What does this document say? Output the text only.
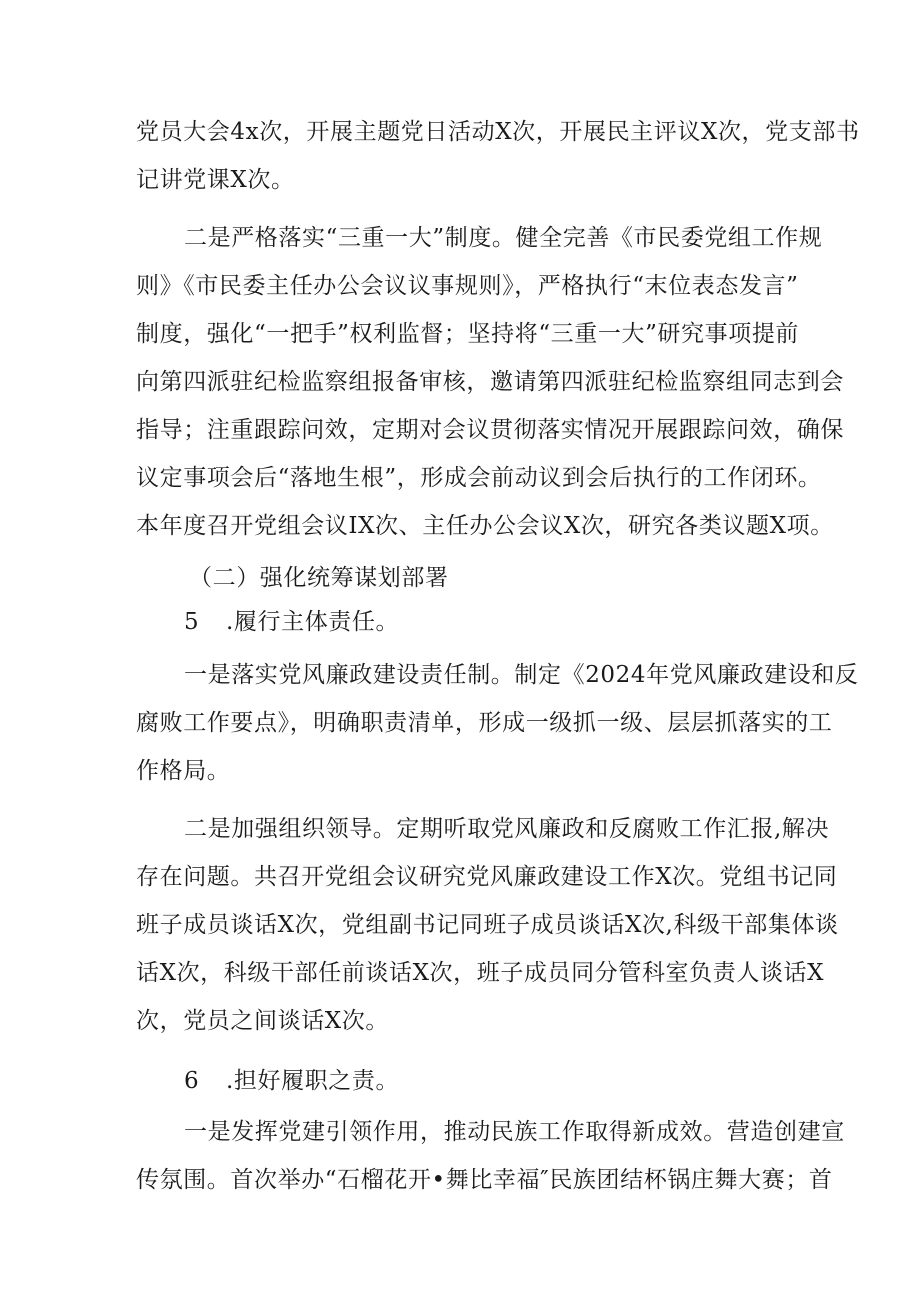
党员大会4x次，开展主题党日活动X次，开展民主评议X次，党支部书
记讲党课X次。
二是严格落实“三重一大”制度。健全完善《市民委党组工作规
则》《市民委主任办公会议议事规则》，严格执行“末位表态发言”
制度，强化“一把手”权利监督；坚持将“三重一大”研究事项提前
向第四派驻纪检监察组报备审核，邀请第四派驻纪检监察组同志到会
指导；注重跟踪问效，定期对会议贯彻落实情况开展跟踪问效，确保
议定事项会后“落地生根”，形成会前动议到会后执行的工作闭环。
本年度召开党组会议IX次、主任办公会议X次，研究各类议题X项。
（二）强化统筹谋划部署
5 .履行主体责任。
一是落实党风廉政建设责任制。制定《2024年党风廉政建设和反
腐败工作要点》，明确职责清单，形成一级抓一级、层层抓落实的工
作格局。
二是加强组织领导。定期听取党风廉政和反腐败工作汇报,解决
存在问题。共召开党组会议研究党风廉政建设工作X次。党组书记同
班子成员谈话X次，党组副书记同班子成员谈话X次,科级干部集体谈
话X次，科级干部任前谈话X次，班子成员同分管科室负责人谈话X
次，党员之间谈话X次。
6 .担好履职之责。
一是发挥党建引领作用，推动民族工作取得新成效。营造创建宣
传氛围。首次举办“石榴花开•舞比幸福″民族团结杯锅庄舞大赛；首
